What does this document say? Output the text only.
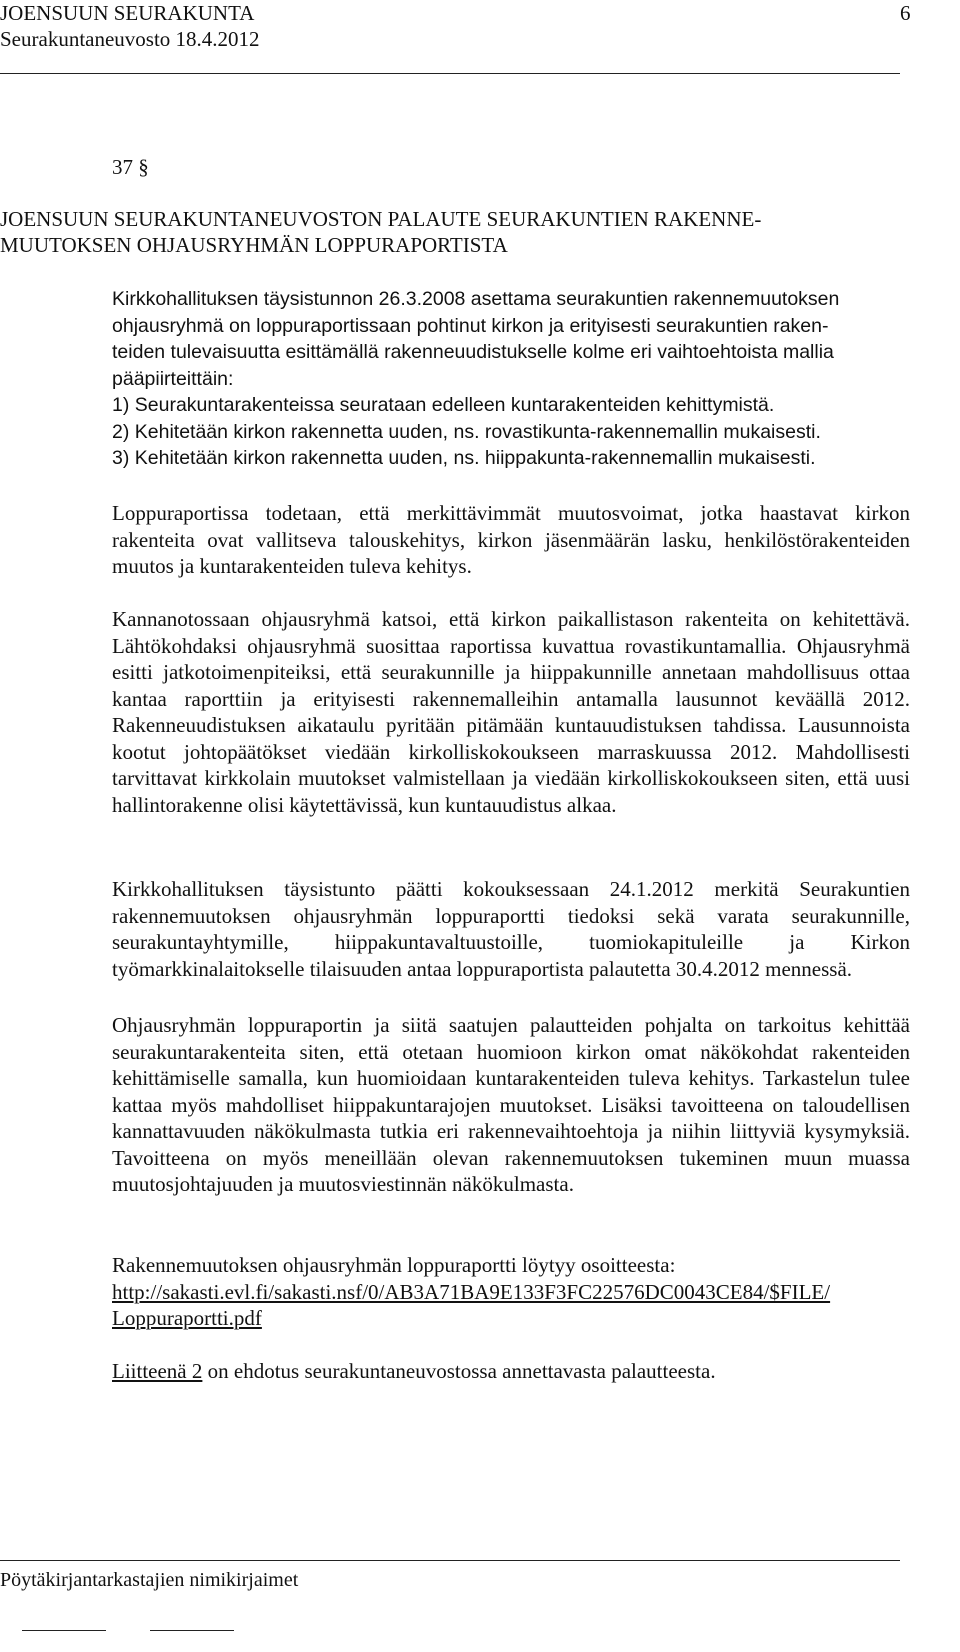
JOENSUUN SEURAKUNTA
Seurakuntaneuvosto 18.4.2012
6
37 §
JOENSUUN SEURAKUNTANEUVOSTON PALAUTE SEURAKUNTIEN RAKENNE-
MUUTOKSEN OHJAUSRYHMÄN LOPPURAPORTISTA
Kirkkohallituksen täysistunnon 26.3.2008 asettama seurakuntien rakennemuutoksen
ohjausryhmä on loppuraportissaan pohtinut kirkon ja erityisesti seurakuntien raken-
teiden tulevaisuutta esittämällä rakenneuudistukselle kolme eri vaihtoehtoista mallia
pääpiirteittäin:
1) Seurakuntarakenteissa seurataan edelleen kuntarakenteiden kehittymistä.
2) Kehitetään kirkon rakennetta uuden, ns. rovastikunta-rakennemallin mukaisesti.
3) Kehitetään kirkon rakennetta uuden, ns. hiippakunta-rakennemallin mukaisesti.

Loppuraportissa todetaan, että merkittävimmät muutosvoimat, jotka haastavat kirkon rakenteita ovat vallitseva talouskehitys, kirkon jäsenmäärän lasku, henkilöstörakenteiden muutos ja kuntarakenteiden tuleva kehitys.

Kannanotossaan ohjausryhmä katsoi, että kirkon paikallistason rakenteita on kehitettävä. Lähtökohdaksi ohjausryhmä suosittaa raportissa kuvattua rovastikuntamallia. Ohjausryhmä esitti jatkotoimenpiteiksi, että seurakunnille ja hiippakunnille annetaan mahdollisuus ottaa kantaa raporttiin ja erityisesti rakennemalleihin antamalla lausunnot keväällä 2012. Rakenneuudistuksen aikataulu pyritään pitämään kuntauudistuksen tahdissa. Lausunnoista kootut johtopäätökset viedään kirkolliskokoukseen marraskuussa 2012. Mahdollisesti tarvittavat kirkkolain muutokset valmistellaan ja viedään kirkolliskokoukseen siten, että uusi hallintorakenne olisi käytettävissä, kun kuntauudistus alkaa.

Kirkkohallituksen täysistunto päätti kokouksessaan 24.1.2012 merkitä Seurakuntien rakennemuutoksen ohjausryhmän loppuraportti tiedoksi sekä varata seurakunnille, seurakuntayhtymille, hiippakuntavaltuustoille, tuomiokapituleille ja Kirkon työmarkkinalaitokselle tilaisuuden antaa loppuraportista palautetta 30.4.2012 mennessä.

Ohjausryhmän loppuraportin ja siitä saatujen palautteiden pohjalta on tarkoitus kehittää seurakuntarakenteita siten, että otetaan huomioon kirkon omat näkökohdat rakenteiden kehittämiselle samalla, kun huomioidaan kuntarakenteiden tuleva kehitys. Tarkastelun tulee kattaa myös mahdolliset hiippakuntarajojen muutokset. Lisäksi tavoitteena on taloudellisen kannattavuuden näkökulmasta tutkia eri rakennevaihtoehtoja ja niihin liittyviä kysymyksiä. Tavoitteena on myös meneillään olevan rakennemuutoksen tukeminen muun muassa muutosjohtajuuden ja muutosviestinnän näkökulmasta.

Rakennemuutoksen ohjausryhmän loppuraportti löytyy osoitteesta:
http://sakasti.evl.fi/sakasti.nsf/0/AB3A71BA9E133F3FC22576DC0043CE84/$FILE/
Loppuraportti.pdf
Liitteenä 2 on ehdotus seurakuntaneuvostossa annettavasta palautteesta.
Pöytäkirjantarkastajien nimikirjaimet
